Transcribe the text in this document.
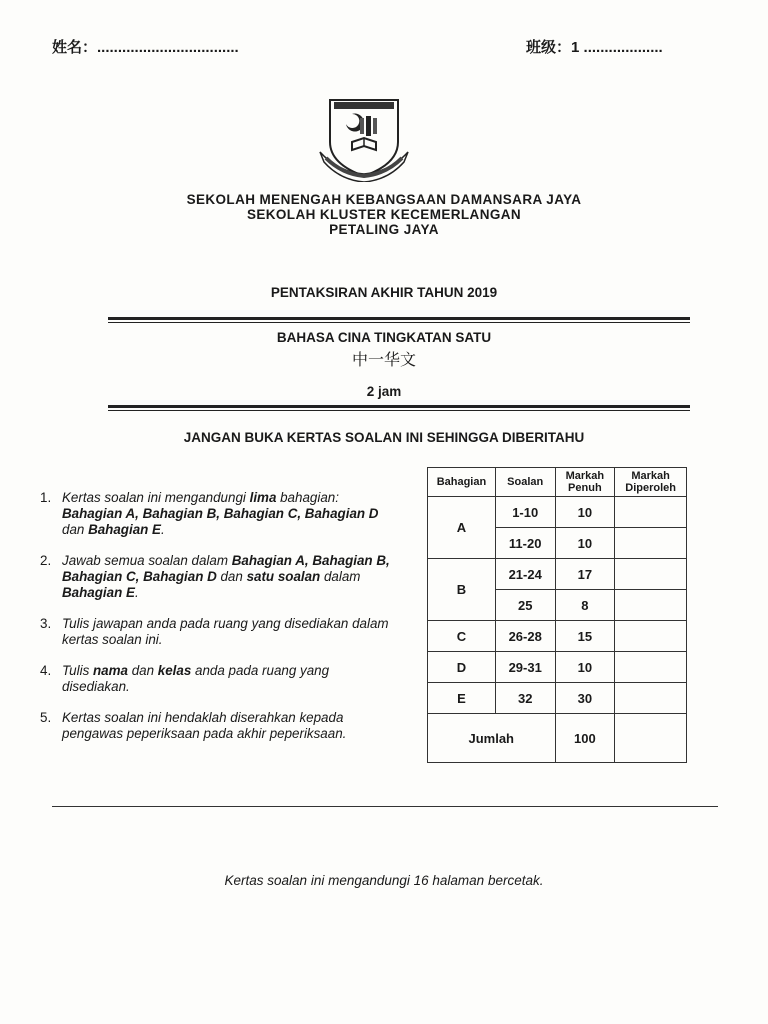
姓名：..................................	班级：1 ...................
SEKOLAH MENENGAH KEBANGSAAN DAMANSARA JAYA
SEKOLAH KLUSTER KECEMERLANGAN
PETALING JAYA
PENTAKSIRAN AKHIR TAHUN 2019
BAHASA CINA TINGKATAN SATU
中一华文
2 jam
JANGAN BUKA KERTAS SOALAN INI SEHINGGA DIBERITAHU
1. Kertas soalan ini mengandungi lima bahagian:
Bahagian A, Bahagian B, Bahagian C, Bahagian D dan Bahagian E.
2. Jawab semua soalan dalam Bahagian A, Bahagian B, Bahagian C, Bahagian D dan satu soalan dalam Bahagian E.
3. Tulis jawapan anda pada ruang yang disediakan dalam kertas soalan ini.
4. Tulis nama dan kelas anda pada ruang yang disediakan.
5. Kertas soalan ini hendaklah diserahkan kepada pengawas peperiksaan pada akhir peperiksaan.
Bahagian	Soalan	Markah Penuh	Markah Diperoleh
A	1-10	10	
	11-20	10	
B	21-24	17	
	25	8	
C	26-28	15	
D	29-31	10	
E	32	30	
Jumlah		100	
Kertas soalan ini mengandungi 16 halaman bercetak.
